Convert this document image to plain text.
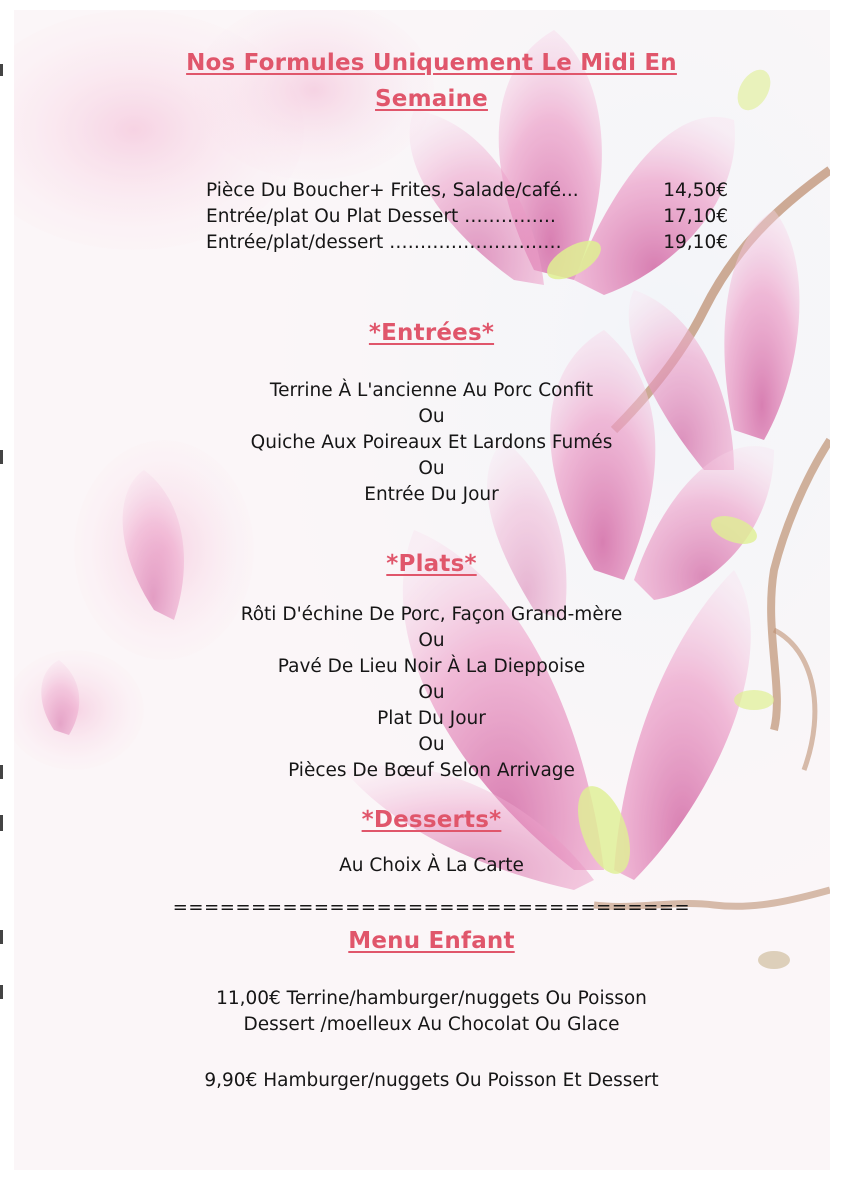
Nos Formules Uniquement Le Midi En
Semaine
Pièce Du Boucher+ Frites, Salade/café...	14,50€
Entrée/plat Ou Plat Dessert ….………..	17,10€
Entrée/plat/dessert ……………………….	19,10€
*Entrées*
Terrine À L'ancienne Au Porc Confit
Ou
Quiche Aux Poireaux Et Lardons Fumés
Ou
Entrée Du Jour
*Plats*
Rôti D'échine De Porc, Façon Grand-mère
Ou
Pavé De Lieu Noir À La Dieppoise
Ou
Plat Du Jour
Ou
Pièces De Bœuf Selon Arrivage
*Desserts*
Au Choix À La Carte
=================================
Menu Enfant
11,00€ Terrine/hamburger/nuggets Ou Poisson
Dessert /moelleux Au Chocolat Ou Glace
9,90€ Hamburger/nuggets Ou Poisson Et Dessert
